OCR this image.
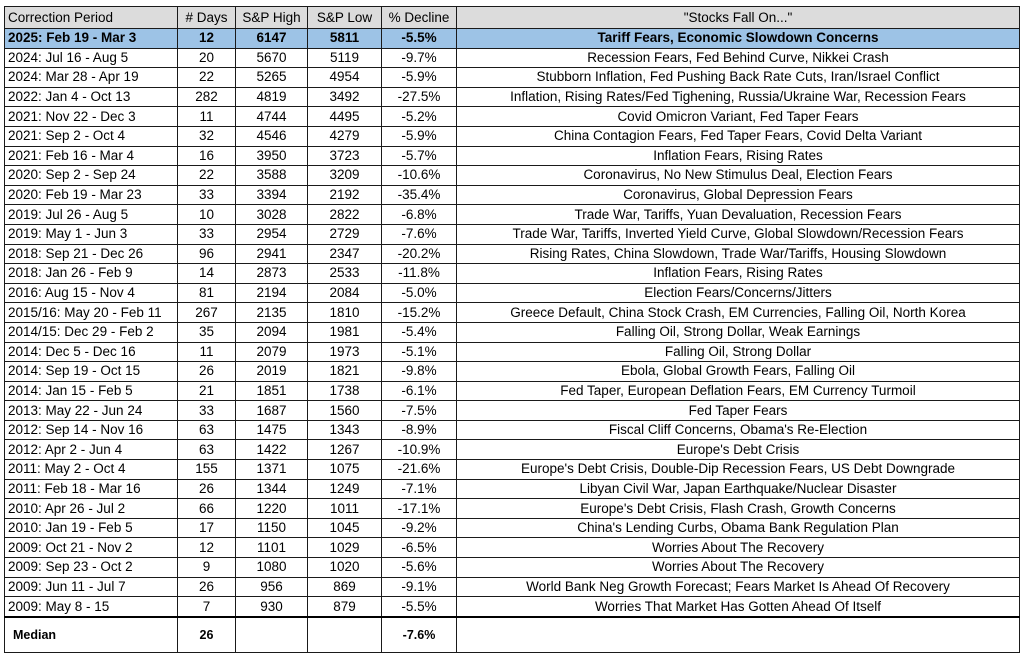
Correction Period	# Days	S&P High	S&P Low	% Decline	"Stocks Fall On..."
2025: Feb 19 - Mar 3	12	6147	5811	-5.5%	Tariff Fears, Economic Slowdown Concerns
2024: Jul 16 - Aug 5	20	5670	5119	-9.7%	Recession Fears, Fed Behind Curve, Nikkei Crash
2024: Mar 28 - Apr 19	22	5265	4954	-5.9%	Stubborn Inflation, Fed Pushing Back Rate Cuts, Iran/Israel Conflict
2022: Jan 4 - Oct 13	282	4819	3492	-27.5%	Inflation, Rising Rates/Fed Tighening, Russia/Ukraine War, Recession Fears
2021: Nov 22 - Dec 3	11	4744	4495	-5.2%	Covid Omicron Variant, Fed Taper Fears
2021: Sep 2 - Oct 4	32	4546	4279	-5.9%	China Contagion Fears, Fed Taper Fears, Covid Delta Variant
2021: Feb 16 - Mar 4	16	3950	3723	-5.7%	Inflation Fears, Rising Rates
2020: Sep 2 - Sep 24	22	3588	3209	-10.6%	Coronavirus, No New Stimulus Deal, Election Fears
2020: Feb 19 - Mar 23	33	3394	2192	-35.4%	Coronavirus, Global Depression Fears
2019: Jul 26 - Aug 5	10	3028	2822	-6.8%	Trade War, Tariffs, Yuan Devaluation, Recession Fears
2019: May 1 - Jun 3	33	2954	2729	-7.6%	Trade War, Tariffs, Inverted Yield Curve, Global Slowdown/Recession Fears
2018: Sep 21 - Dec 26	96	2941	2347	-20.2%	Rising Rates, China Slowdown, Trade War/Tariffs, Housing Slowdown
2018: Jan 26 - Feb 9	14	2873	2533	-11.8%	Inflation Fears, Rising Rates
2016: Aug 15 - Nov 4	81	2194	2084	-5.0%	Election Fears/Concerns/Jitters
2015/16: May 20 - Feb 11	267	2135	1810	-15.2%	Greece Default, China Stock Crash, EM Currencies, Falling Oil, North Korea
2014/15: Dec 29 - Feb 2	35	2094	1981	-5.4%	Falling Oil, Strong Dollar, Weak Earnings
2014: Dec 5 - Dec 16	11	2079	1973	-5.1%	Falling Oil, Strong Dollar
2014: Sep 19 - Oct 15	26	2019	1821	-9.8%	Ebola, Global Growth Fears, Falling Oil
2014: Jan 15 - Feb 5	21	1851	1738	-6.1%	Fed Taper, European Deflation Fears, EM Currency Turmoil
2013: May 22 - Jun 24	33	1687	1560	-7.5%	Fed Taper Fears
2012: Sep 14 - Nov 16	63	1475	1343	-8.9%	Fiscal Cliff Concerns, Obama's Re-Election
2012: Apr 2 - Jun 4	63	1422	1267	-10.9%	Europe's Debt Crisis
2011: May 2 - Oct 4	155	1371	1075	-21.6%	Europe's Debt Crisis, Double-Dip Recession Fears, US Debt Downgrade
2011: Feb 18 - Mar 16	26	1344	1249	-7.1%	Libyan Civil War, Japan Earthquake/Nuclear Disaster
2010: Apr 26 - Jul 2	66	1220	1011	-17.1%	Europe's Debt Crisis, Flash Crash, Growth Concerns
2010: Jan 19 - Feb 5	17	1150	1045	-9.2%	China's Lending Curbs, Obama Bank Regulation Plan
2009: Oct 21 - Nov 2	12	1101	1029	-6.5%	Worries About The Recovery
2009: Sep 23 - Oct 2	9	1080	1020	-5.6%	Worries About The Recovery
2009: Jun 11 - Jul 7	26	956	869	-9.1%	World Bank Neg Growth Forecast; Fears Market Is Ahead Of Recovery
2009: May 8 - 15	7	930	879	-5.5%	Worries That Market Has Gotten Ahead Of Itself
Median	26			-7.6%	
